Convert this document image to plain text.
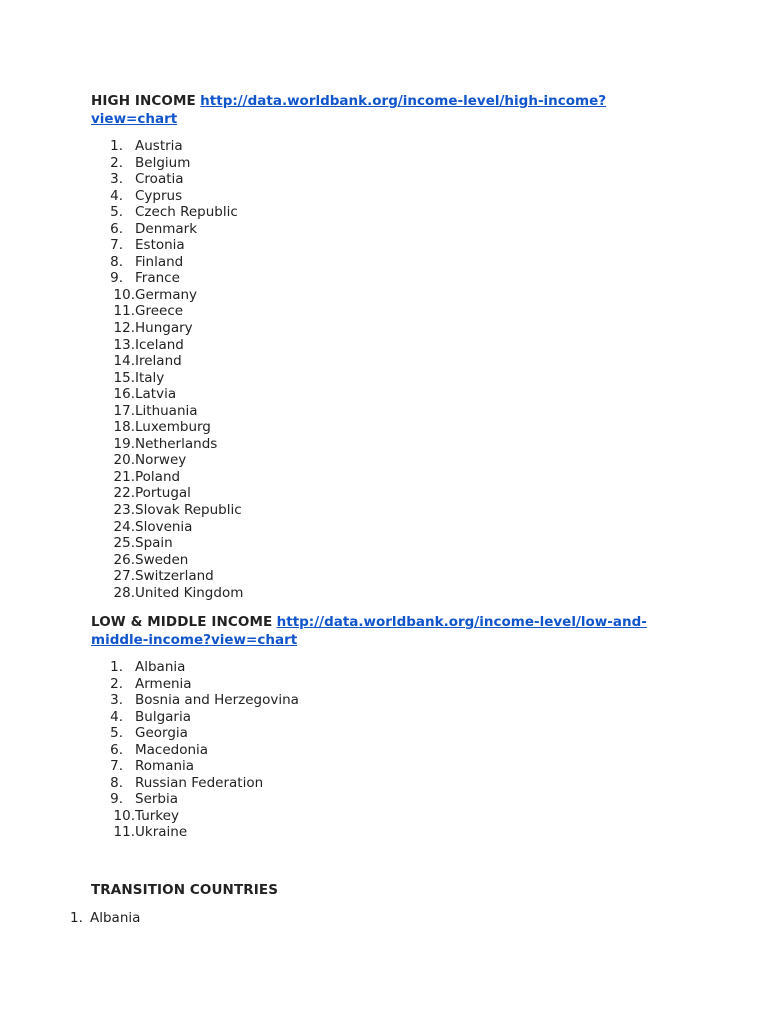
HIGH INCOME http://data.worldbank.org/income-level/high-income?
view=chart
1. Austria
2. Belgium
3. Croatia
4. Cyprus
5. Czech Republic
6. Denmark
7. Estonia
8. Finland
9. France
10.Germany
11.Greece
12.Hungary
13.Iceland
14.Ireland
15.Italy
16.Latvia
17.Lithuania
18.Luxemburg
19.Netherlands
20.Norwey
21.Poland
22.Portugal
23.Slovak Republic
24.Slovenia
25.Spain
26.Sweden
27.Switzerland
28.United Kingdom
LOW & MIDDLE INCOME http://data.worldbank.org/income-level/low-and-
middle-income?view=chart
1. Albania
2. Armenia
3. Bosnia and Herzegovina
4. Bulgaria
5. Georgia
6. Macedonia
7. Romania
8. Russian Federation
9. Serbia
10.Turkey
11.Ukraine
TRANSITION COUNTRIES
1. Albania
